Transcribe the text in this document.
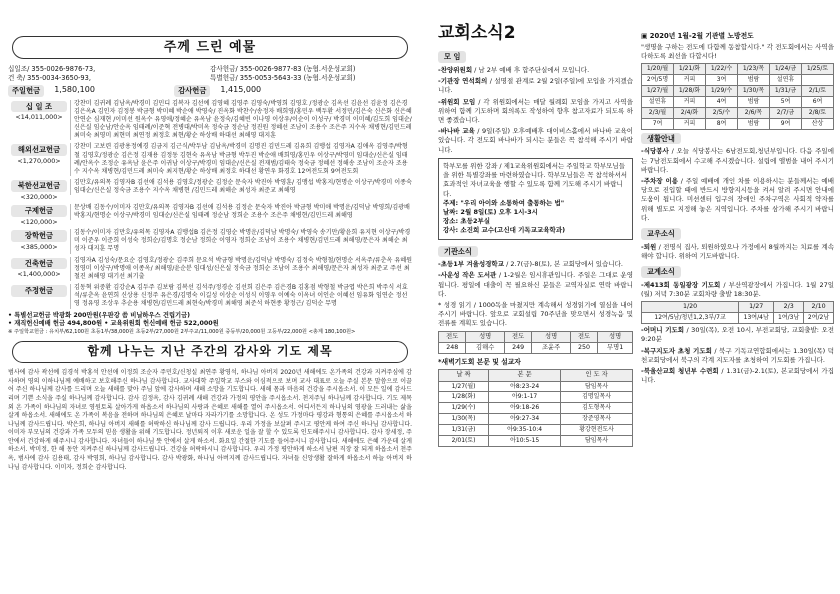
주께 드린 예물
십일조/ 355-0026-9876-73,	감사헌금/ 355-0026-9877-83 (농협.서운성교회)
건 축/ 355-0034-3650-93,	특별헌금/ 355-0053-5643-33 (농협.서운성교회)
주일헌금	1,580,100	감사헌금	1,415,000
십 일 조
<14,011,000>
강찬미 김귀례 김남옥/박경미 김민디 김복자 김선예 김영혜 김영주 김영숙/박영희 김영호 /정광순 김옥선 김윤선 김윤정 김은경 김은옥A 김인자 김정봉 박금형 박미혜 박순애 박영숙/ 진옥화 박찬수/송정자 배희영/홍민우 백두환 서정민/김은숙 신은화 신은혜 안연순 심재현 /이미선 원옥수 유영애/정혜순 유옥남 윤정숙/김혜빈 이나영 이상우/이순이 이성구/ 박경미 이미혜/김도희 임대순/신은실 임순남/안순옥 임태례/이준혁 전병대/박미옥 정숙금 정순남 정진원 정혜선 조남이 조용수 조은주 지수옥 채병현/김민드레 최미숙 최영미 최현미 최연정 최정호 최현/황순 하상배 하대선 최해영 대지훈
해외선교헌금
<1,270,000>
강찬미 고보련 김광용정예경 김금지 김근식/박두남 김남옥/박경미 김명진 김민드레 김유희 김맹섭 김영자A 김애옥 김영주/박형철 김영호/정광순 김은정 김재용 김정동 김현숙 유옥남 박금형 박두진 박순애 배희영/홍민우 이상구/박영미 임대순/신은실 임태례/안옥수 조정순 유옥남 윤은주 이귀남 이상구/박경미 임대순/신은실 전재범/김태숙 정숙금 정혜선 정해송 조남이 조순자 조용수 지수옥 채병현/김민드레 최미숙 최지현/황순 하상배 최정호 하대선 황연우 화경호 12여전도회 9여전도회
북한선교헌금
<320,000>
김만호/유의목 김영자B 김선애 김석용 김영호/정광순 김정순 문숙자 박진아 박영훈/ 김맹섭 박홍지/현명순 이상구/박경미 이종숙 임대순/신은실 정숙금 조용수 지수옥 채병현 /김민드레 최해순 최성자 최준교 최해영
구제헌금
<120,000>
문상배 김동수/이미자 김만호/유의목 김영자B 김선애 김석용 김정순 문숙자 박진아 박금형 박미애 박명운/김덕남 박영희/김광배 박홍지/현명순 이상구/박경미 임대순/신은실 임태례 정순남 정희순 조용수 조은주 채병현/김민드레 최해영
장학헌금
<385,000>
김동수/이미자 김만호/유의목 김영자A 김맹섭B 김은정 김영순 박명운/김덕남 박명숙/ 박영숙 송기만/황윤희 유지현 이상구/박경미 이준우 이준희 이성숙 정희순/김명호 정순남 정희순 이영자 정희순 조남이 조용수 채병현/김민드레 최해영/문은자 최해순 최성자 대지훈 무명
건축헌금
<1,400,000>
김영자A 김성숙/문요순 김영호/정광순 김주희 문요석 박금형 박명운/김덕남 박명숙/ 김정숙 박형철/현명순 서옥주/류춘옥 유혜원 정영미 이상구/박명애 이종옥/ 최해영/윤순분 임대성/신은실 정숙금 정희순 조남이 조용수 최해영/문은자 최성자 최준교 주선 최철진 최해영 대기선 최기출
주정헌금	김동혁 위중환 김강순A 김두주 김보람 김복선 김석주/정경순 김선희 김은주 김은경B 김홍점 박형철 박금엽 박은희 박주식 서효석/류춘옥 윤연희 신상용 신정주 유은경/김명숙 이길성 이상순 이성식 이영우 이예숙 이옥녀 이인순 이혜선 임유화 임연순 정선영 정유영 조상우 추순용 채병현/김민드레 최현숙/박경미 최해영 최준석 하현종 황정근/ 김덕순 무명
• 특별선교헌금 박광화 200만원(우판강 씀 비닐하우스 건립기금)
• 재직헌신예배 헌금 494,800원 • 교육위원회 헌신예배 헌금 522,000원
※ 주일학교헌금 : 유치부/62,100원 초등1부/38,000원 초등2부/27,000원 2부주교/11,000원 중등부/20,000원 고등부/22,000원 <총계 180,100원>
함께 나누는 지난 주간의 감사와 기도 제목
범사에 감사 곽선예 김경석 박홍석 안선애 이정희 조순자 주민호/신청실 최연주 황영석, 하나님 아버지 2020년 새해에도 온가족의 건강과 지켜주심에 감사하며 영의 이하나님께 예배하고 보호해주신 하나님 감사합니다. 교사대학 주일학교 부스와 이심적으로 보며 교사 대표로 오늘 주실 본문 말씀으로 이끌어 주신 하나님께 감사를 드리며 오늘 새해를 맞아 주님 앞에 감사하며 새해 소망을 기도합니다. 새해 몸과 마음의 건강을 주시옵소서. 이 모든 일에 감사드리며 기쁜 소식을 주실 하나님께 감사합니다. 감사 김정옥, 감사 김귀례 새해 건강과 가정의 평안을 주시옵소서. 천지주님 하나님께 감사합니다. 기도 제목 외 온 가족이 하나님의 자녀로 영원토록 살아가게 하옵소서 하나님의 사랑과 은혜로 새해를 열어 주시옵소서. 어디서든지 하나님의 영광을 드러내는 삶을 살게 하옵소서. 새해에도 온 가족이 복음을 전하며 하나님의 은혜로 날마다 자라가기를 소망합니다. 온 성도 가정마다 평강과 형통의 은혜를 주시옵소서 하나님께 감사드립니다. 박은희, 하나님 아버지 새해를 허락하신 하나님께 감사 드립니다. 우리 가정을 보살펴 주시고 평안케 하여 주신 하나님 감사합니다. 이미자 부모님의 건강과 가족 모두의 믿음 생활을 위해 기도합니다. 정년퇴직 이후 새로운 일을 잘 할 수 있도록 인도해주시니 감사합니다. 감사 장세정, 주 안에서 건강하게 해주시니 감사합니다. 자녀들이 하나님 뜻 안에서 살게 하소서. 화요일 간절한 기도를 들어주시니 감사합니다. 새해에도 은혜 가운데 살게 하소서. 박미정, 한 해 동안 지켜주신 하나님께 감사드립니다. 건강을 허락하시니 감사합니다. 우리 가정 평안하게 하소서 남편 직장 잘 되게 하옵소서 천주옥, 범사에 감사 김용태, 감사 박영희, 하나님 감사합니다. 감사 박광화, 하나님 아버지께 감사드립니다. 자녀들 신앙생활 잘하게 하옵소서 하늘 아버지 하나님 감사합니다. 이미자, 정희순 감사합니다.
교회소식2
모 임
-찬양위원회 / 남 2부 예배 후 합주단실에서 모입니다.
-기관장 연석회의 / 설명절 관계로 2월 2일(주일)에 모입을 가지겠습니다.
-위원회 모임 / 각 위원회에서는 매달 월례회 모임을 가지고 사역을 위하여 함께 기도하며 회의록도 작성하여 향후 참고자료가 되도록 하면 좋겠습니다.
-바나바 교육 / 9일(주일) 오후예배후 대이비스홀에서 바나바 교육이 있습니다. 각 전도회 바나바가 되시는 분들은 꼭 참석해 주시기 바랍니다.
학부모를 위한 강좌 / 제1교육위원회에서는 주일학교 학부모님들을 위한 특별강좌를 마련하였습니다. 학부모님들은 꼭 참석하셔서 효과적인 자녀교육을 행할 수 있도록 함께 기도해 주시기 바랍니다.
주제: "우리 아이와 소통하여 출통하는 법"
날짜: 2월 8일(토) 오후 1시-3시
장소: 초등2부실
강사: 소진희 교수(고신대 기독교교육학과)
기관소식
-초등1부 겨울성경학교 / 2.7(금)-8(토), 본 교회당에서 있습니다.
-사운성 작은 도서관 / 1-2월은 임시휴관입니다. 주일은 그대로 운영됩니다. 평일에 대출이 꼭 필요하신 분들은 교역자실로 연락 바랍니다.
* 성경 읽기 / 1000독을 마쳤지만 계속해서 성경읽기에 열심을 내어 주시기 바랍니다. 앞으로 교회설립 70주년을 맞으면서 성경녹음 및 전류를 계획도 있습니다.
전도	성명	전도	성명	전도	성명
248	김해수	249	조윤주	250	무명1
*새벽기도회 본문 및 설교자
날 짜	본 문	인 도 자
1/27(월)	아8:23-24	담임목사
1/28(화)	아9:1-17	김명일목사
1/29(수)	아9:18-26	김도형목사
1/30(목)	아9:27-34	장준영목사
1/31(금)	아9:35-10:4	황강현전도사
2/01(토)	아10:5-15	담임목사
▣ 2020년 1월-2월 기관별 노방전도
"생명을 구하는 전도에 다함께 동참합시다." 각 전도회에서는 사역을 다하도록 최선을 다합시다!
1/20/월	1/21/화	1/22/수	1/23/목	1/24/금	1/25/토
2여/5명	커피	3여	범람	설연휴	
1/27/월	1/28/화	1/29/수	1/30/목	1/31/금	2/1/토
설연휴	커피	4여	범람	5여	6여
2/3/월	2/4/화	2/5/수	2/6/목	2/7/금	2/8/토
7여	커피	8여	범람	9여	산상
생활안내
-식당봉사 / 오늘 식당봉사는 6남전도회,청년부입니다. 다음 주일에는 7남전도회에서 수고해 주시겠습니다. 설립에 앨범을 내어 주시기 바랍니다.
-주차장 이용 / 주일 예배에 개인 차를 이용하시는 분들께서는 예배당으로 진입할 때에 반드시 방향지시등을 켜서 알려 주시면 안내에 도움이 됩니다. 미션센터 입구의 장애인 주차구역은 사회적 약자를 위해 별도로 지정해 놓은 지역입니다. 주차를 삼가해 주시기 바랍니다.
교우소식
-퇴원 / 전명식 집사, 퇴원하였으나 가정에서 8월까지는 치료를 계속해야 합니다. 위하여 기도바랍니다.
교계소식
-제413회 동일광장 기도회 / 부산역광장에서 가집니다. 1월 27일(월) 저녁 7:30분 교회차량 출발 18:30분.
1/20	1/27	2/3	2/10
12여/5남/청년1,2,3부/7교	13여/4남	1여/3남	2여/2남
-어머니 기도회 / 30일(목), 오전 10시, 부전교회당, 교회출발: 오전 9:20분
-복구지도자 초청 기도회 / 북구 기독교연합회에서는 1.30일(목) 덕천교회당에서 북구의 각계 지도자를 초청하여 기도회를 가집니다.
-북울산교회 청년부 수련회 / 1.31(금)-2.1(토), 본교회당에서 가집니다.
